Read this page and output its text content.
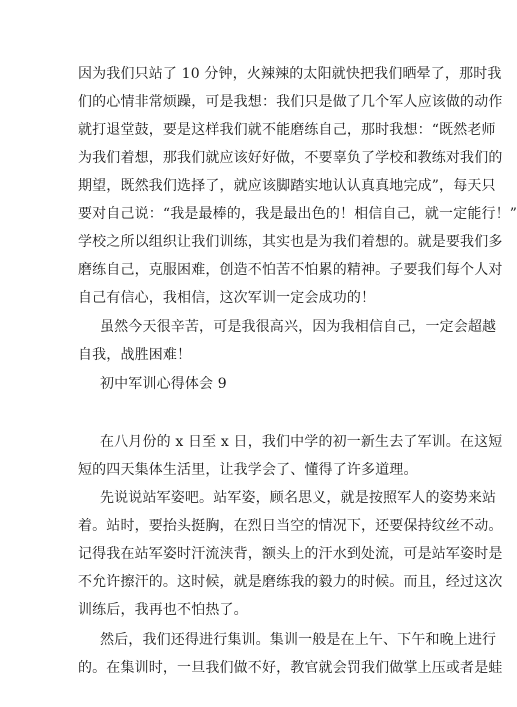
因为我们只站了 10 分钟，火辣辣的太阳就快把我们晒晕了，那时我
们的心情非常烦躁，可是我想：我们只是做了几个军人应该做的动作
就打退堂鼓，要是这样我们就不能磨练自己，那时我想：“既然老师
为我们着想，那我们就应该好好做，不要辜负了学校和教练对我们的
期望，既然我们选择了，就应该脚踏实地认认真真地完成”，每天只
要对自己说：“我是最棒的，我是最出色的！相信自己，就一定能行！”
学校之所以组织让我们训练，其实也是为我们着想的。就是要我们多
磨练自己，克服困难，创造不怕苦不怕累的精神。子要我们每个人对
自己有信心，我相信，这次军训一定会成功的！
虽然今天很辛苦，可是我很高兴，因为我相信自己，一定会超越
自我，战胜困难！
初中军训心得体会 9
在八月份的 x 日至 x 日，我们中学的初一新生去了军训。在这短
短的四天集体生活里，让我学会了、懂得了许多道理。
先说说站军姿吧。站军姿，顾名思义，就是按照军人的姿势来站
着。站时，要抬头挺胸，在烈日当空的情况下，还要保持纹丝不动。
记得我在站军姿时汗流浃背，额头上的汗水到处流，可是站军姿时是
不允许擦汗的。这时候，就是磨练我的毅力的时候。而且，经过这次
训练后，我再也不怕热了。
然后，我们还得进行集训。集训一般是在上午、下午和晚上进行
的。在集训时，一旦我们做不好，教官就会罚我们做掌上压或者是蛙
